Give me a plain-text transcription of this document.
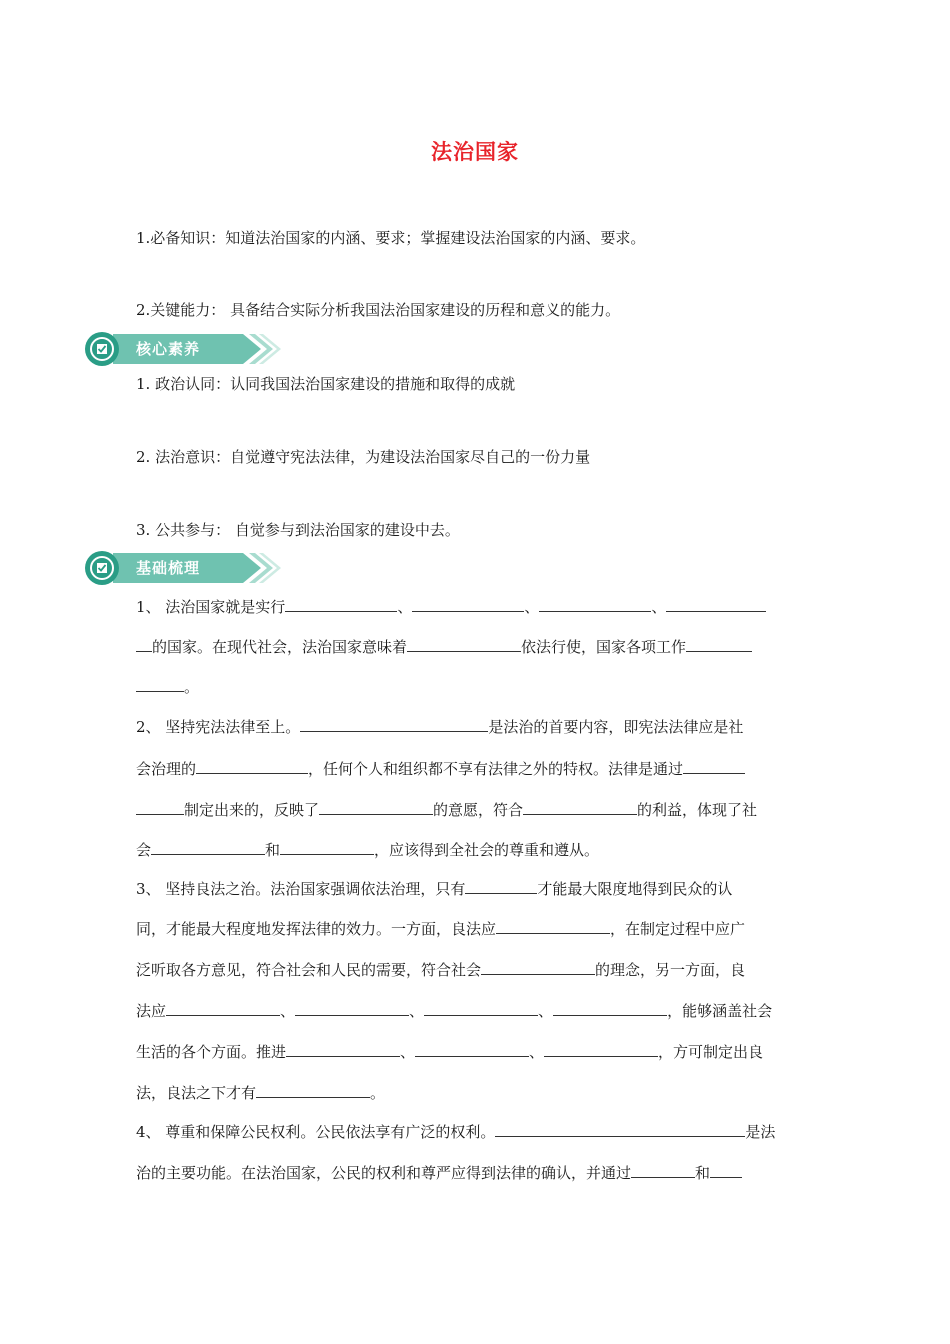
法治国家
1.必备知识：知道法治国家的内涵、要求；掌握建设法治国家的内涵、要求。
2.关键能力： 具备结合实际分析我国法治国家建设的历程和意义的能力。
核心素养
1. 政治认同：认同我国法治国家建设的措施和取得的成就
2. 法治意识：自觉遵守宪法法律，为建设法治国家尽自己的一份力量
3. 公共参与： 自觉参与到法治国家的建设中去。
基础梳理
1、 法治国家就是实行	、	、	、
的国家。在现代社会，法治国家意味着	依法行使，国家各项工作
。
2、 坚持宪法法律至上。	是法治的首要内容，即宪法法律应是社
会治理的	，任何个人和组织都不享有法律之外的特权。法律是通过
制定出来的，反映了	的意愿，符合	的利益，体现了社
会	和	，应该得到全社会的尊重和遵从。
3、 坚持良法之治。法治国家强调依法治理，只有	才能最大限度地得到民众的认
同，才能最大程度地发挥法律的效力。一方面，良法应	，在制定过程中应广
泛听取各方意见，符合社会和人民的需要，符合社会	的理念，另一方面，良
法应	、	、	、	，能够涵盖社会
生活的各个方面。推进	、	、	，方可制定出良
法，良法之下才有	。
4、 尊重和保障公民权利。公民依法享有广泛的权利。	是法
治的主要功能。在法治国家，公民的权利和尊严应得到法律的确认，并通过	和
